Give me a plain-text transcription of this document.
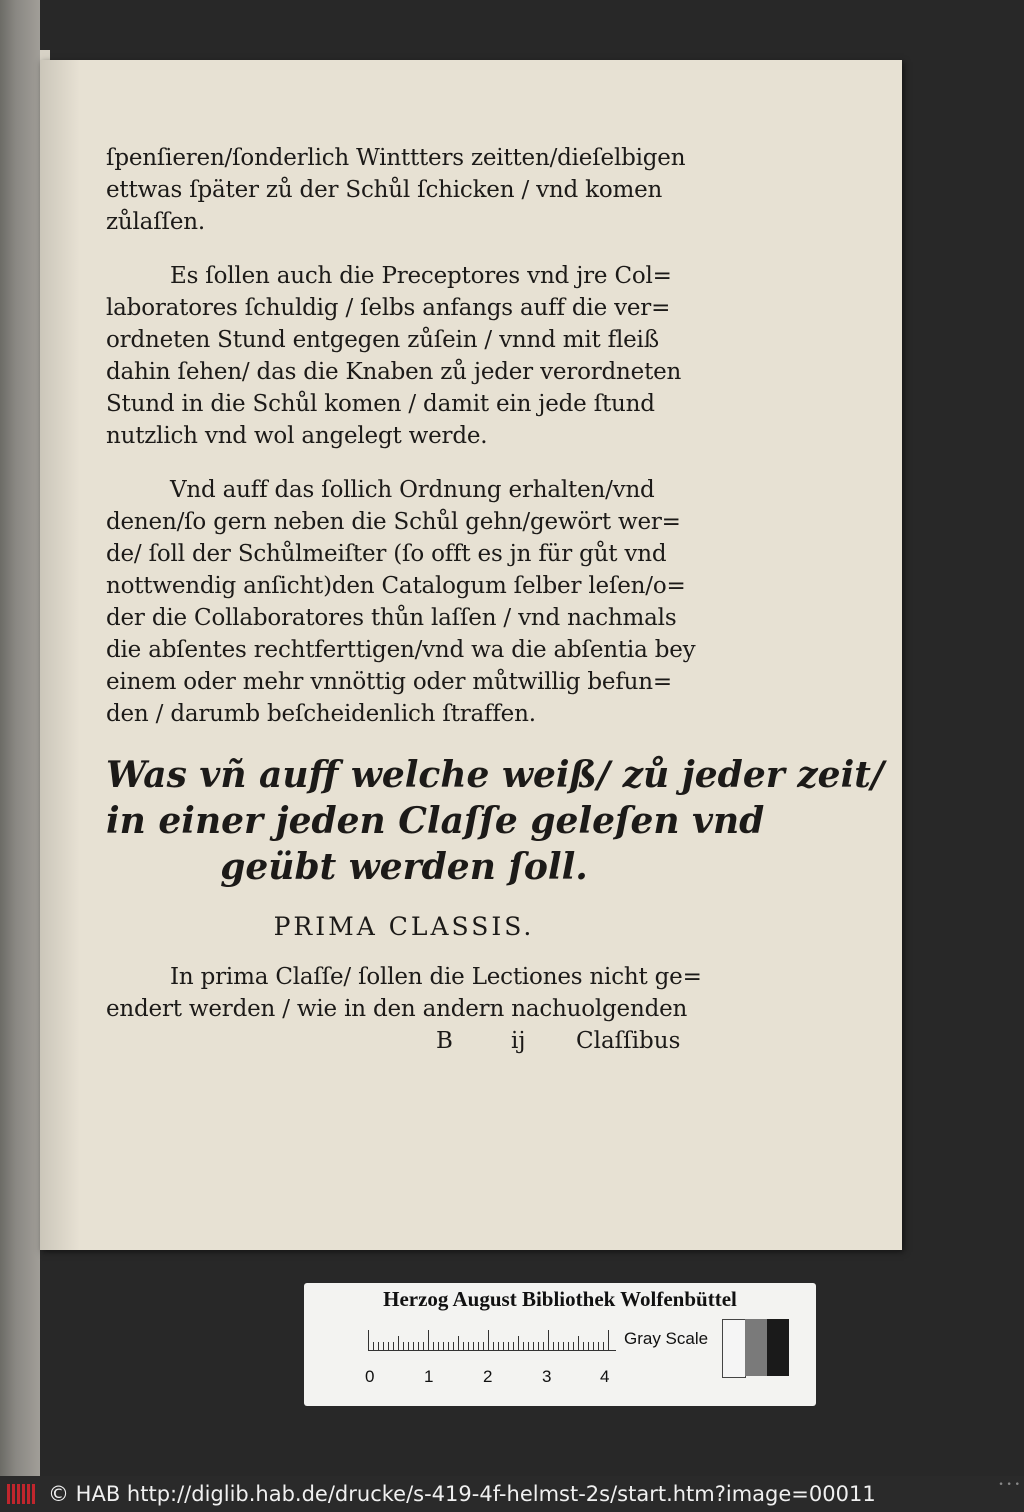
ſpenſieren/ſonderlich Winttters zeitten/dieſelbigen
ettwas ſpäter zů der Schůl ſchicken / vnd komen
zůlaſſen.
Es ſollen auch die Preceptores vnd jre Col=
laboratores ſchuldig / ſelbs anfangs auff die ver=
ordneten Stund entgegen zůſein / vnnd mit fleiß
dahin ſehen/ das die Knaben zů jeder verordneten
Stund in die Schůl komen / damit ein jede ſtund
nutzlich vnd wol angelegt werde.
Vnd auff das ſollich Ordnung erhalten/vnd
denen/ſo gern neben die Schůl gehn/gewört wer=
de/ ſoll der Schůlmeiſter (ſo offt es jn für gůt vnd
nottwendig anſicht)den Catalogum ſelber leſen/o=
der die Collaboratores thůn laſſen / vnd nachmals
die abſentes rechtferttigen/vnd wa die abſentia bey
einem oder mehr vnnöttig oder můtwillig befun=
den / darumb beſcheidenlich ſtraffen.
Was vñ auff welche weiß/ zů jeder zeit/
in einer jeden Claſſe geleſen vnd
geübt werden ſoll.
PRIMA CLASSIS.
In prima Claſſe/ ſollen die Lectiones nicht ge=
endert werden / wie in den andern nachuolgenden
B	ij Claſſibus
Herzog August Bibliothek Wolfenbüttel
0	1	2	3	4
Gray Scale
© HAB http://diglib.hab.de/drucke/s-419-4f-helmst-2s/start.htm?image=00011	• • •
